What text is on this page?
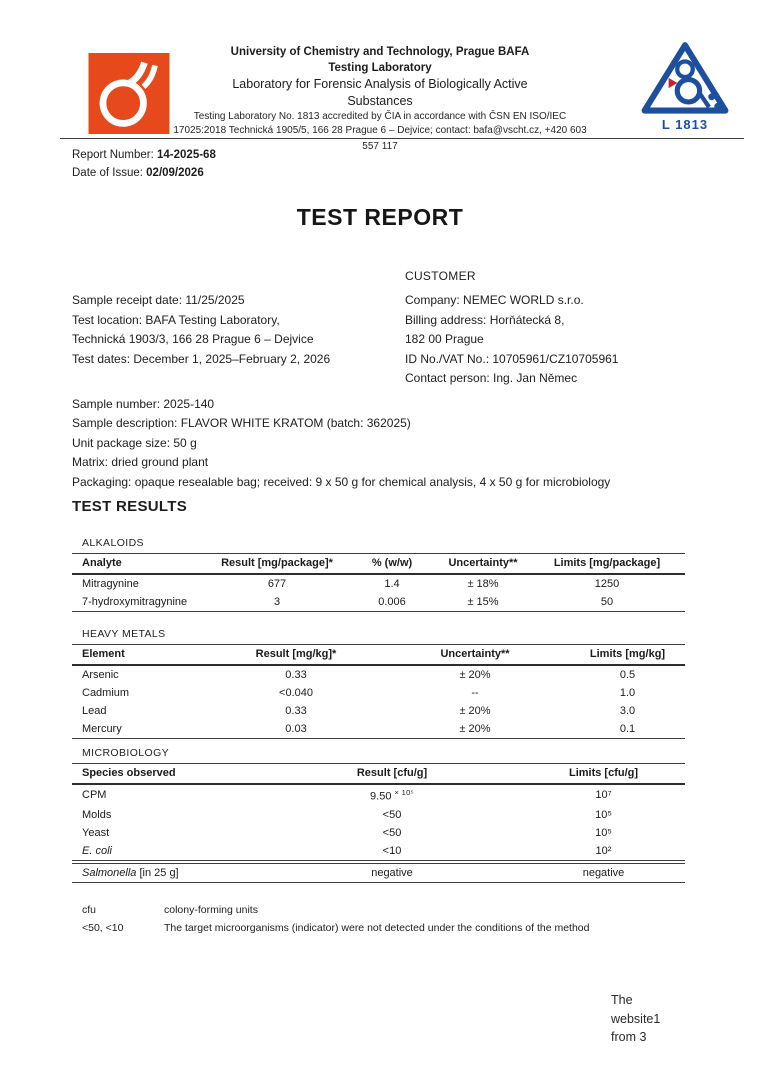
University of Chemistry and Technology, Prague BAFA
Testing Laboratory
Laboratory for Forensic Analysis of Biologically Active
Substances
Testing Laboratory No. 1813 accredited by ČIA in accordance with ČSN EN ISO/IEC
17025:2018 Technická 1905/5, 166 28 Prague 6 – Dejvice; contact: bafa@vscht.cz, +420 603	L 1813
557 117
Report Number: 14-2025-68
Date of Issue: 02/09/2026
TEST REPORT
CUSTOMER
Sample receipt date: 11/25/2025
Test location: BAFA Testing Laboratory,
Technická 1903/3, 166 28 Prague 6 – Dejvice
Test dates: December 1, 2025–February 2, 2026
Company: NEMEC WORLD s.r.o.
Billing address: Horňátecká 8,
182 00 Prague
ID No./VAT No.: 10705961/CZ10705961
Contact person: Ing. Jan Němec
Sample number: 2025-140
Sample description: FLAVOR WHITE KRATOM (batch: 362025)
Unit package size: 50 g
Matrix: dried ground plant
Packaging: opaque resealable bag; received: 9 x 50 g for chemical analysis, 4 x 50 g for microbiology
TEST RESULTS
ALKALOIDS
Analyte	Result [mg/package]*	% (w/w)	Uncertainty**	Limits [mg/package]
Mitragynine	677	1.4	± 18%	1250
7-hydroxymitragynine	3	0.006	± 15%	50
HEAVY METALS
Element	Result [mg/kg]*	Uncertainty**	Limits [mg/kg]
Arsenic	0.33	± 20%	0.5
Cadmium	<0.040	--	1.0
Lead	0.33	± 20%	3.0
Mercury	0.03	± 20%	0.1
MICROBIOLOGY
Species observed	Result [cfu/g]	Limits [cfu/g]
CPM	9.50 $^{\times 10^5}$	10⁷
Molds	<50	10⁵
Yeast	<50	10⁵
E. coli	<10	10²
Salmonella [in 25 g]	negative	negative
cfu	colony-forming units
<50, <10	The target microorganisms (indicator) were not detected under the conditions of the method
The
website1
from 3
